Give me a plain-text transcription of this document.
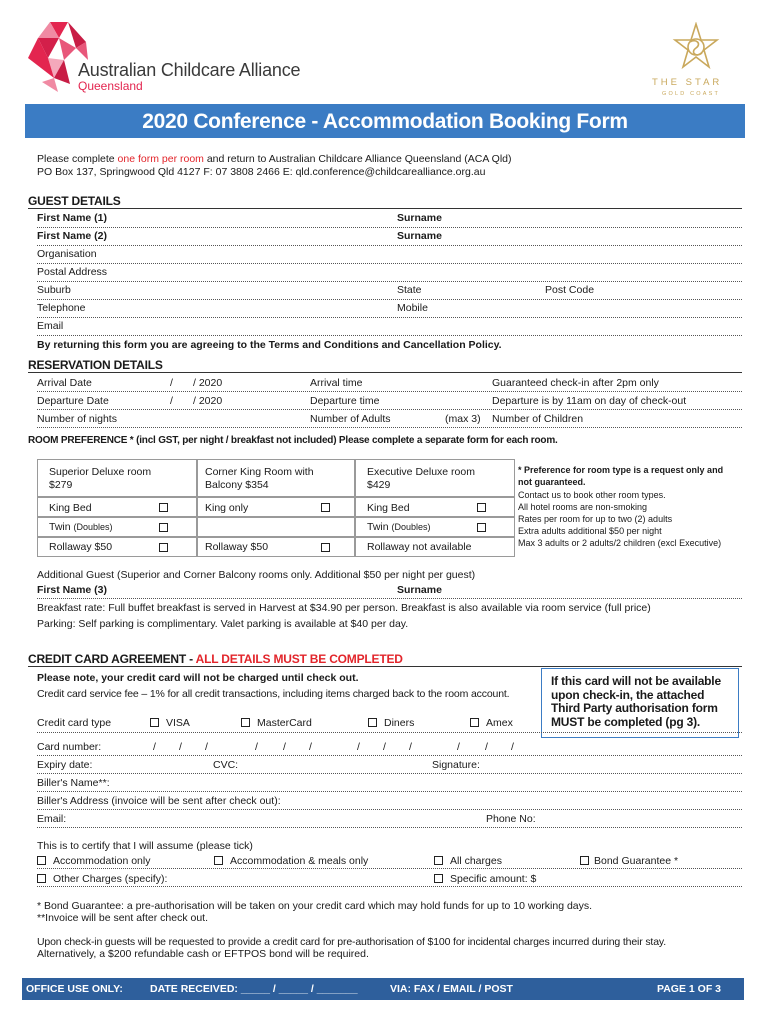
Australian Childcare Alliance
Queensland	THE STAR
GOLD COAST
2020 Conference - Accommodation Booking Form
Please complete one form per room and return to Australian Childcare Alliance Queensland (ACA Qld)
PO Box 137, Springwood Qld 4127 F: 07 3808 2466 E: qld.conference@childcarealliance.org.au
GUEST DETAILS
First Name (1)	Surname
First Name (2)	Surname
Organisation
Postal Address
Suburb	State	Post Code
Telephone	Mobile
Email
By returning this form you are agreeing to the Terms and Conditions and Cancellation Policy.
RESERVATION DETAILS
Arrival Date	/ / 2020	Arrival time	Guaranteed check-in after 2pm only
Departure Date	/ / 2020	Departure time	Departure is by 11am on day of check-out
Number of nights	Number of Adults	(max 3) Number of Children
ROOM PREFERENCE * (incl GST, per night / breakfast not included) Please complete a separate form for each room.
Superior Deluxe room
$279
King Bed
Twin (Doubles)
Rollaway $50
Corner King Room with
Balcony $354
King only
Rollaway $50
Executive Deluxe room
$429
King Bed
Twin (Doubles)
Rollaway not available
* Preference for room type is a request only and not guaranteed.
Contact us to book other room types.
All hotel rooms are non-smoking
Rates per room for up to two (2) adults
Extra adults additional $50 per night
Max 3 adults or 2 adults/2 children (excl Executive)
Additional Guest (Superior and Corner Balcony rooms only. Additional $50 per night per guest)
First Name (3)	Surname
Breakfast rate: Full buffet breakfast is served in Harvest at $34.90 per person. Breakfast is also available via room service (full price)
Parking: Self parking is complimentary. Valet parking is available at $40 per day.
CREDIT CARD AGREEMENT - ALL DETAILS MUST BE COMPLETED
Please note, your credit card will not be charged until check out.
Credit card service fee – 1% for all credit transactions, including items charged back to the room account.
If this card will not be available upon check-in, the attached Third Party authorisation form MUST be completed (pg 3).
Credit card type	VISA	MasterCard	Diners	Amex
Card number:	/ / /	/ / /	/ / /	/ / /
Expiry date:	CVC:	Signature:
Biller's Name**:
Biller's Address (invoice will be sent after check out):
Email:	Phone No:
This is to certify that I will assume (please tick)
Accommodation only	Accommodation & meals only	All charges	Bond Guarantee *
Other Charges (specify):	Specific amount: $
* Bond Guarantee: a pre-authorisation will be taken on your credit card which may hold funds for up to 10 working days.
**Invoice will be sent after check out.
Upon check-in guests will be requested to provide a credit card for pre-authorisation of $100 for incidental charges incurred during their stay.
Alternatively, a $200 refundable cash or EFTPOS bond will be required.
OFFICE USE ONLY:	DATE RECEIVED: _____ / _____ / _______	VIA: FAX / EMAIL / POST	PAGE 1 OF 3
